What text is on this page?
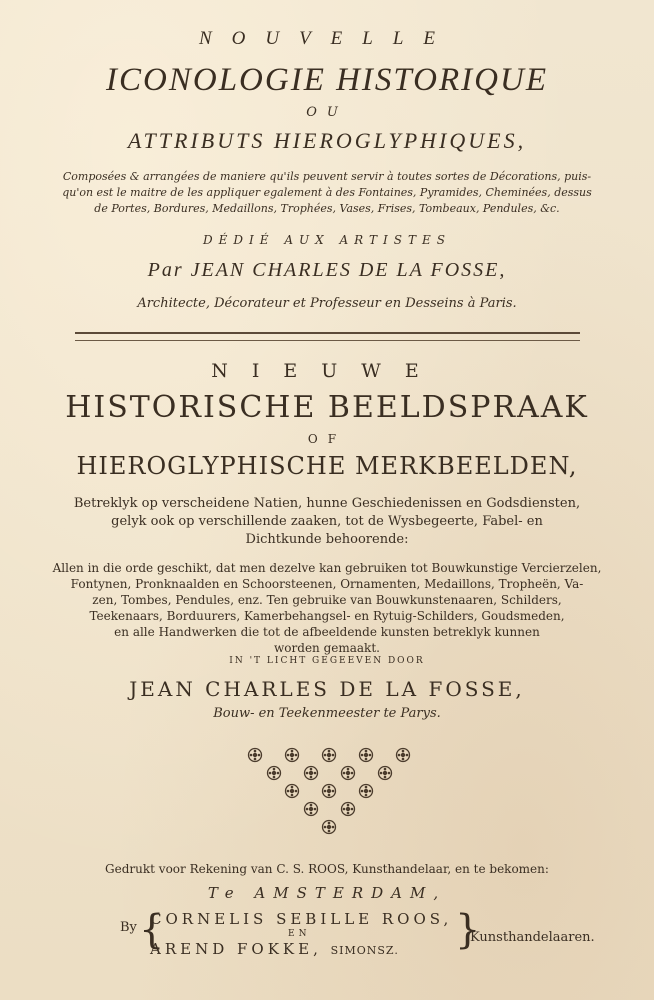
NOUVELLE
ICONOLOGIE HISTORIQUE
OU
ATTRIBUTS HIEROGLYPHIQUES,
Composées & arrangées de maniere qu'ils peuvent servir à toutes sortes de Décorations, puis-
qu'on est le maitre de les appliquer egalement à des Fontaines, Pyramides, Cheminées, dessus
de Portes, Bordures, Medaillons, Trophées, Vases, Frises, Tombeaux, Pendules, &c.
DÉDIÉ AUX ARTISTES
Par JEAN CHARLES DE LA FOSSE,
Architecte, Décorateur et Professeur en Desseins à Paris.
NIEUWE
HISTORISCHE BEELDSPRAAK
OF
HIEROGLYPHISCHE MERKBEELDEN,
Betreklyk op verscheidene Natien, hunne Geschiedenissen en Godsdiensten,
gelyk ook op verschillende zaaken, tot de Wysbegeerte, Fabel- en
Dichtkunde behoorende:
Allen in die orde geschikt, dat men dezelve kan gebruiken tot Bouwkunstige Vercierzelen,
Fontynen, Pronknaalden en Schoorsteenen, Ornamenten, Medaillons, Tropheën, Va-
zen, Tombes, Pendules, enz. Ten gebruike van Bouwkunstenaaren, Schilders,
Teekenaars, Borduurers, Kamerbehangsel- en Rytuig-Schilders, Goudsmeden,
en alle Handwerken die tot de afbeeldende kunsten betreklyk kunnen
worden gemaakt.
IN 'T LICHT GEGEEVEN DOOR
JEAN CHARLES DE LA FOSSE,
Bouw- en Teekenmeester te Parys.
Gedrukt voor Rekening van C. S. ROOS, Kunsthandelaar, en te bekomen:
Te AMSTERDAM,
By {
CORNELIS SEBILLE ROOS,
EN
AREND FOKKE, SIMONSZ. }
Kunsthandelaaren.
